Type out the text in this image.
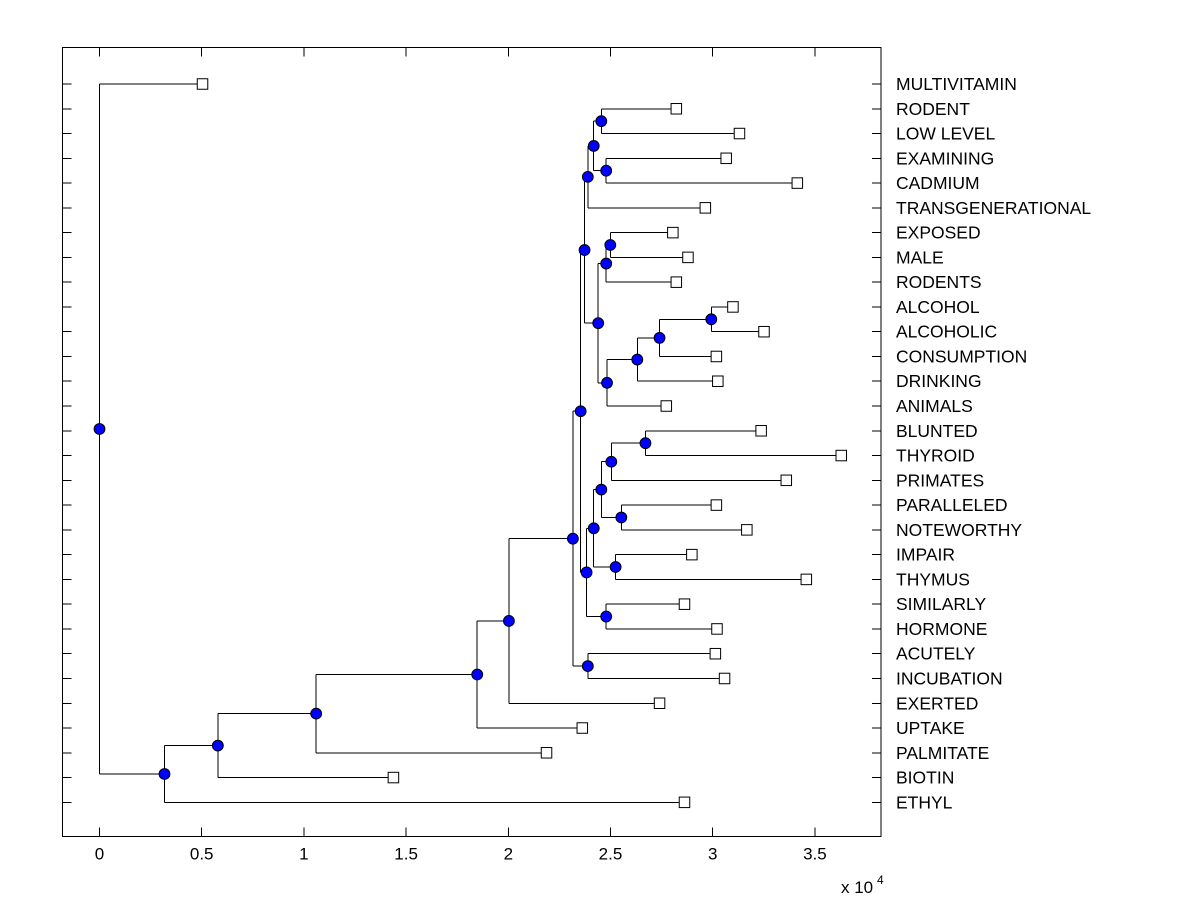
0	0.5	1	1.5	2	2.5	3	3.5
x 10 4
MULTIVITAMIN
RODENT
LOW LEVEL
EXAMINING
CADMIUM
TRANSGENERATIONAL
EXPOSED
MALE
RODENTS
ALCOHOL
ALCOHOLIC
CONSUMPTION
DRINKING
ANIMALS
BLUNTED
THYROID
PRIMATES
PARALLELED
NOTEWORTHY
IMPAIR
THYMUS
SIMILARLY
HORMONE
ACUTELY
INCUBATION
EXERTED
UPTAKE
PALMITATE
BIOTIN
ETHYL
